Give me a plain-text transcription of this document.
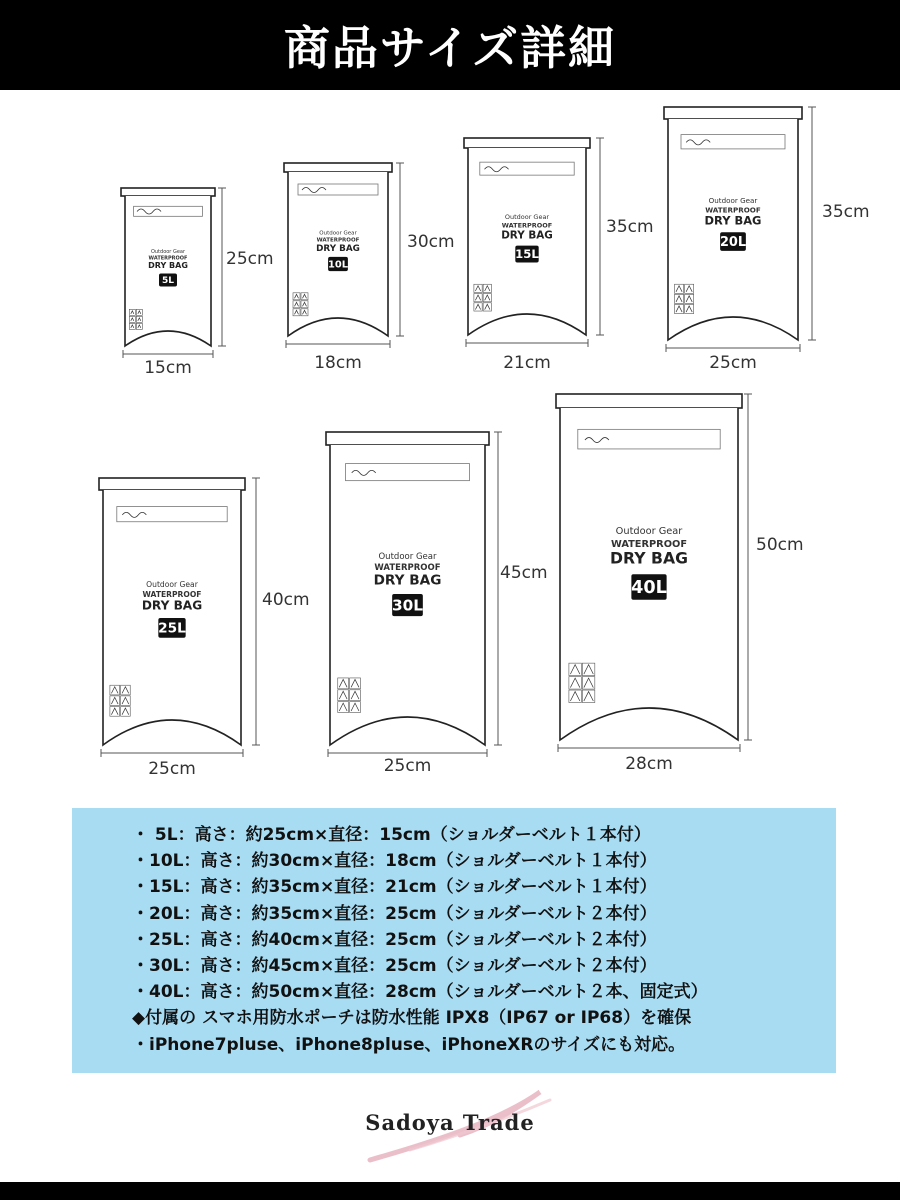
商品サイズ詳細
Outdoor Gear
WATERPROOF
DRY BAG
5L
15cm
25cm
Outdoor Gear
WATERPROOF
DRY BAG
10L
18cm
30cm
Outdoor Gear
WATERPROOF
DRY BAG
15L
21cm
35cm
Outdoor Gear
WATERPROOF
DRY BAG
20L
25cm
35cm
Outdoor Gear
WATERPROOF
DRY BAG
25L
25cm
40cm
Outdoor Gear
WATERPROOF
DRY BAG
30L
25cm
45cm
Outdoor Gear
WATERPROOF
DRY BAG
40L
28cm
50cm
・ 5L：高さ：約25cm×直径：15cm（ショルダーベルト１本付）
・10L：高さ：約30cm×直径：18cm（ショルダーベルト１本付）
・15L：高さ：約35cm×直径：21cm（ショルダーベルト１本付）
・20L：高さ：約35cm×直径：25cm（ショルダーベルト２本付）
・25L：高さ：約40cm×直径：25cm（ショルダーベルト２本付）
・30L：高さ：約45cm×直径：25cm（ショルダーベルト２本付）
・40L：高さ：約50cm×直径：28cm（ショルダーベルト２本、固定式）
◆付属の スマホ用防水ポーチは防水性能 IPX8（IP67 or IP68）を確保
・iPhone7pluse、iPhone8pluse、iPhoneXRのサイズにも対応。
Sadoya Trade
